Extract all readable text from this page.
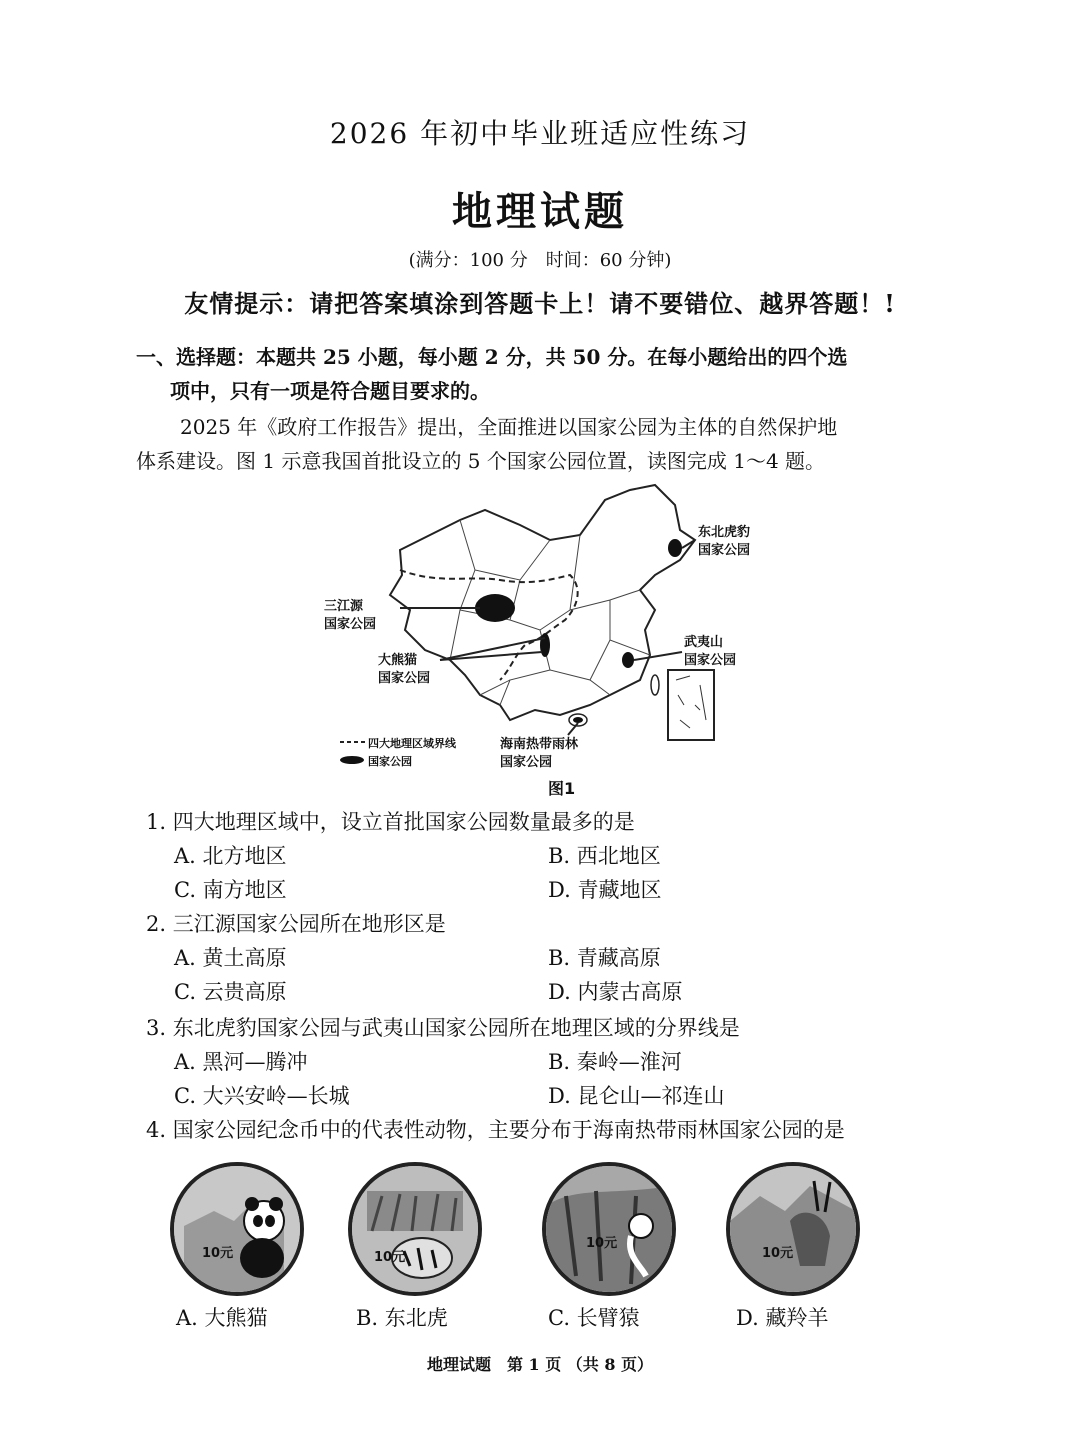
2026 年初中毕业班适应性练习
地理试题
(满分：100 分　时间：60 分钟)
友情提示：请把答案填涂到答题卡上！请不要错位、越界答题！!
一、选择题：本题共 25 小题，每小题 2 分，共 50 分。在每小题给出的四个选
项中，只有一项是符合题目要求的。
2025 年《政府工作报告》提出，全面推进以国家公园为主体的自然保护地
体系建设。图 1 示意我国首批设立的 5 个国家公园位置，读图完成 1～4 题。
东北虎豹
国家公园
三江源
国家公园
大熊猫
国家公园
武夷山
国家公园
海南热带雨林
国家公园
四大地理区域界线
国家公园
图1
1. 四大地理区域中，设立首批国家公园数量最多的是
A. 北方地区	B. 西北地区
C. 南方地区	D. 青藏地区
2. 三江源国家公园所在地形区是
A. 黄土高原	B. 青藏高原
C. 云贵高原	D. 内蒙古高原
3. 东北虎豹国家公园与武夷山国家公园所在地理区域的分界线是
A. 黑河—腾冲	B. 秦岭—淮河
C. 大兴安岭—长城	D. 昆仑山—祁连山
4. 国家公园纪念币中的代表性动物，主要分布于海南热带雨林国家公园的是
10元	10元
10元
10元
A. 大熊猫	B. 东北虎	C. 长臂猿	D. 藏羚羊
地理试题　第 1 页 （共 8 页）
